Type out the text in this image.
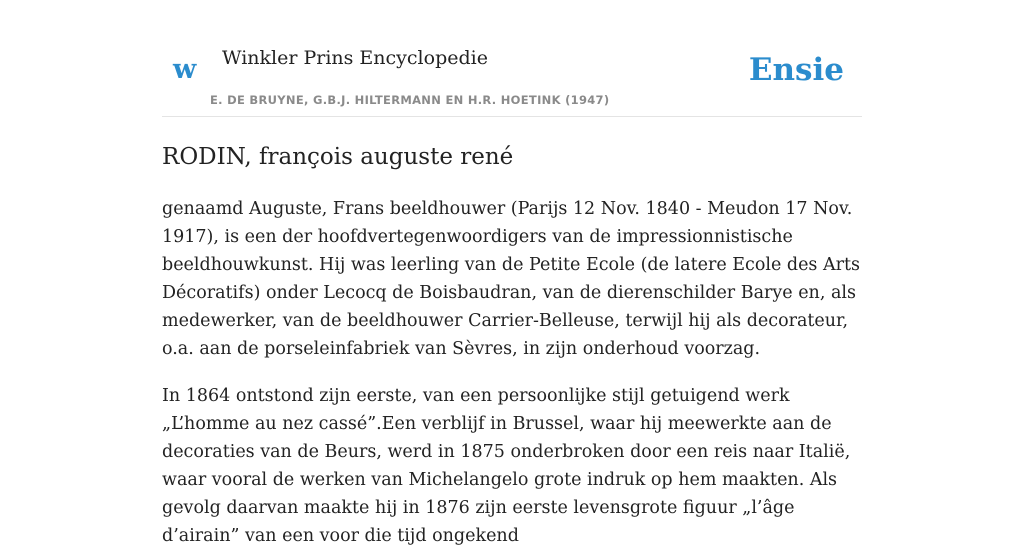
w Winkler Prins Encyclopedie
E. DE BRUYNE, G.B.J. HILTERMANN EN H.R. HOETINK (1947)
Ensie
RODIN, françois auguste rené

genaamd Auguste, Frans beeldhouwer (Parijs 12 Nov. 1840 - Meudon 17 Nov. 1917), is een der hoofdvertegenwoordigers van de impressionnistische beeldhouwkunst. Hij was leerling van de Petite Ecole (de latere Ecole des Arts Décoratifs) onder Lecocq de Boisbaudran, van de dierenschilder Barye en, als medewerker, van de beeldhouwer Carrier-Belleuse, terwijl hij als decorateur, o.a. aan de porseleinfabriek van Sèvres, in zijn onderhoud voorzag.

In 1864 ontstond zijn eerste, van een persoonlijke stijl getuigend werk „L’homme au nez cassé”.Een verblijf in Brussel, waar hij meewerkte aan de decoraties van de Beurs, werd in 1875 onderbroken door een reis naar Italië, waar vooral de werken van Michelangelo grote indruk op hem maakten. Als gevolg daarvan maakte hij in 1876 zijn eerste levensgrote figuur „l’âge d’airain” van een voor die tijd ongekend
